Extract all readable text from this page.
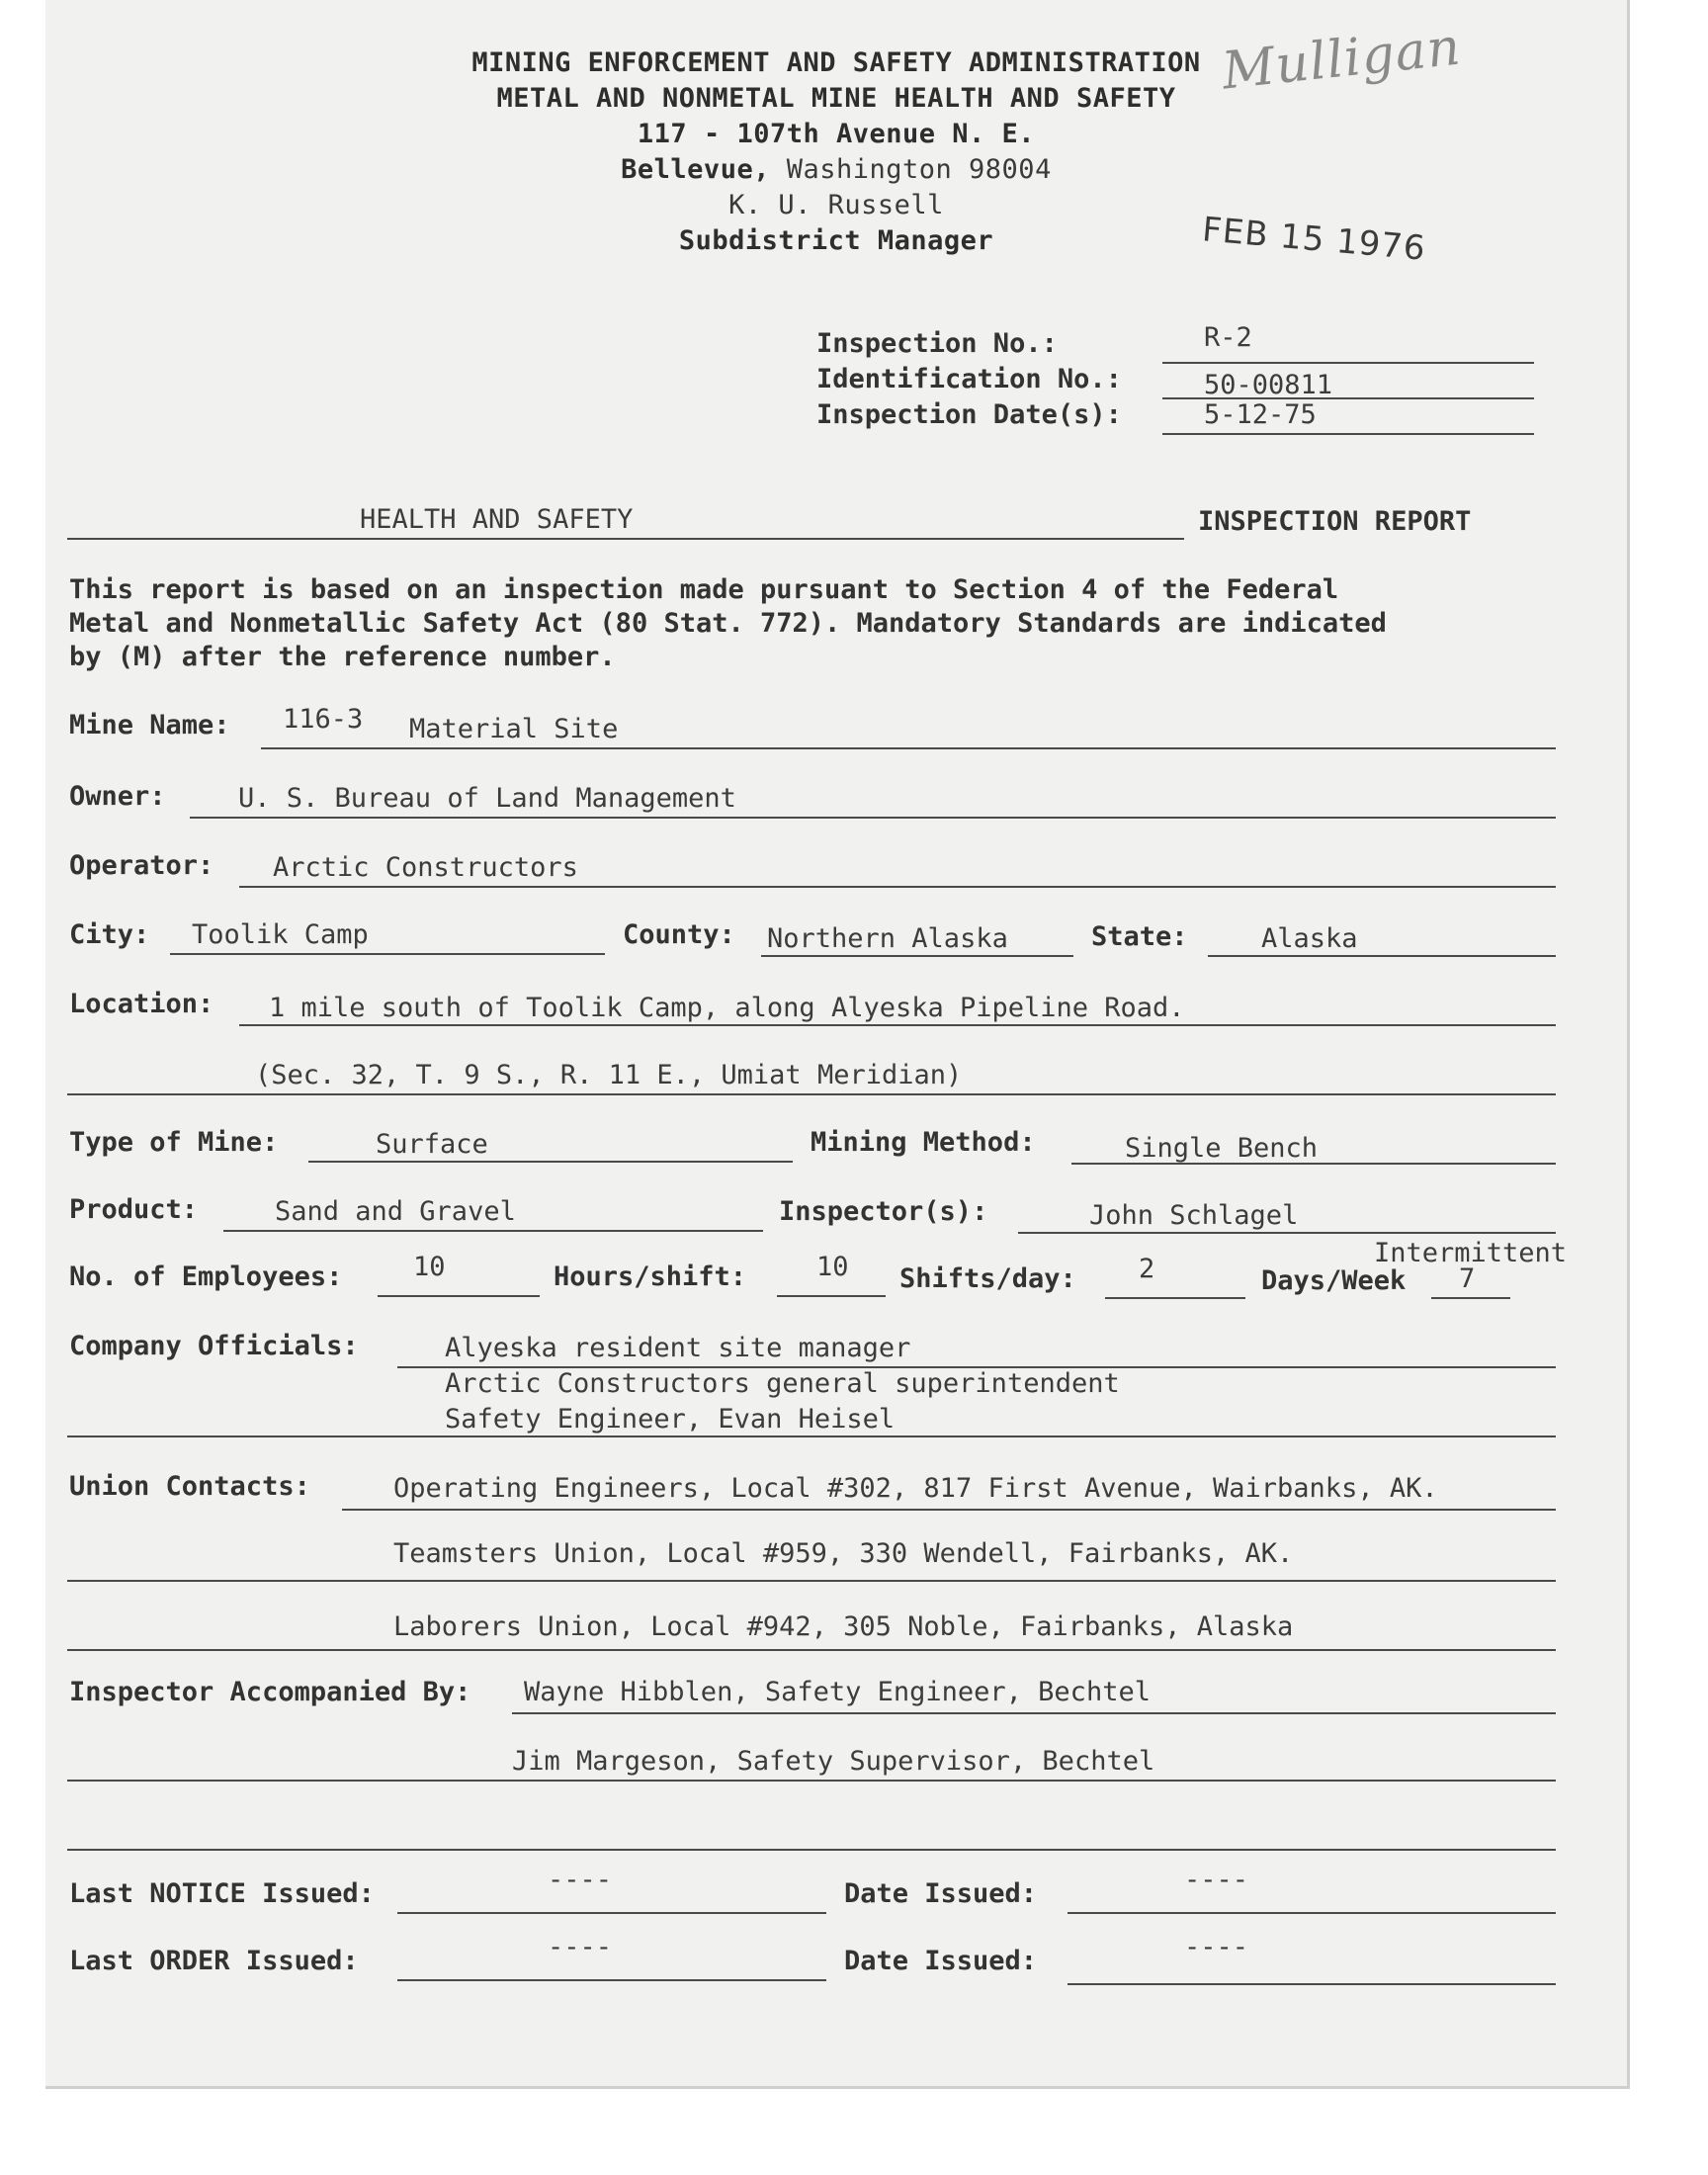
MINING ENFORCEMENT AND SAFETY ADMINISTRATION
METAL AND NONMETAL MINE HEALTH AND SAFETY
117 - 107th Avenue N. E.
Bellevue, Washington 98004
K. U. Russell
Subdistrict Manager
Mulligan
FEB 15 1976
Inspection No.:	R-2
Identification No.:	50-00811
Inspection Date(s):	5-12-75
HEALTH AND SAFETY	INSPECTION REPORT
This report is based on an inspection made pursuant to Section 4 of the Federal
Metal and Nonmetallic Safety Act (80 Stat. 772). Mandatory Standards are indicated
by (M) after the reference number.
Mine Name: 116-3 Material Site
Owner:	U. S. Bureau of Land Management
Operator: Arctic Constructors
City: Toolik Camp	County: Northern Alaska	State:	Alaska
Location: 1 mile south of Toolik Camp, along Alyeska Pipeline Road.
(Sec. 32, T. 9 S., R. 11 E., Umiat Meridian)
Type of Mine:	Surface	Mining Method:	Single Bench
Product:	Sand and Gravel	Inspector(s):	John Schlagel
No. of Employees:	10	Hours/shift:	10 Shifts/day: 2
Intermittent
Days/Week 7
Company Officials:	Alyeska resident site manager
Arctic Constructors general superintendent
Safety Engineer, Evan Heisel
Union Contacts:	Operating Engineers, Local #302, 817 First Avenue, Wairbanks, AK.
Teamsters Union, Local #959, 330 Wendell, Fairbanks, AK.
Laborers Union, Local #942, 305 Noble, Fairbanks, Alaska
Inspector Accompanied By: Wayne Hibblen, Safety Engineer, Bechtel
Jim Margeson, Safety Supervisor, Bechtel
Last NOTICE Issued:	----	Date Issued:	----
Last ORDER Issued:	----	Date Issued:	----
